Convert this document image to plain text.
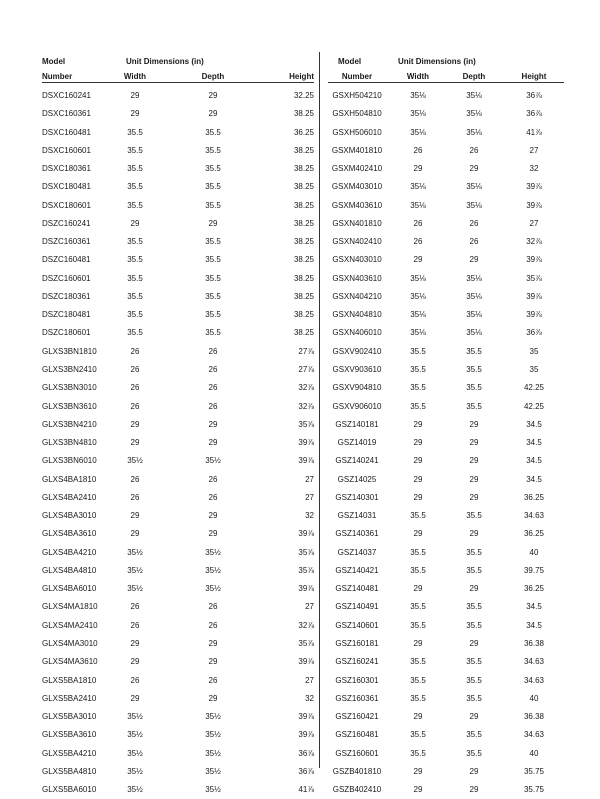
Model	Unit Dimensions (in)
Number	Width	Depth	Height
DSXC160241	29	29	32.25
DSXC160361	29	29	38.25
DSXC160481	35.5	35.5	36.25
DSXC160601	35.5	35.5	38.25
DSXC180361	35.5	35.5	38.25
DSXC180481	35.5	35.5	38.25
DSXC180601	35.5	35.5	38.25
DSZC160241	29	29	38.25
DSZC160361	35.5	35.5	38.25
DSZC160481	35.5	35.5	38.25
DSZC160601	35.5	35.5	38.25
DSZC180361	35.5	35.5	38.25
DSZC180481	35.5	35.5	38.25
DSZC180601	35.5	35.5	38.25
GLXS3BN1810	26	26	27⅞
GLXS3BN2410	26	26	27⅞
GLXS3BN3010	26	26	32⅞
GLXS3BN3610	26	26	32⅞
GLXS3BN4210	29	29	35⅞
GLXS3BN4810	29	29	39⅞
GLXS3BN6010	35½	35½	39⅞
GLXS4BA1810	26	26	27
GLXS4BA2410	26	26	27
GLXS4BA3010	29	29	32
GLXS4BA3610	29	29	39⅞
GLXS4BA4210	35½	35½	35⅞
GLXS4BA4810	35½	35½	35⅞
GLXS4BA6010	35½	35½	39⅞
GLXS4MA1810	26	26	27
GLXS4MA2410	26	26	32⅞
GLXS4MA3010	29	29	35⅞
GLXS4MA3610	29	29	39⅞
GLXS5BA1810	26	26	27
GLXS5BA2410	29	29	32
GLXS5BA3010	35½	35½	39⅞
GLXS5BA3610	35½	35½	39⅞
GLXS5BA4210	35½	35½	36⅞
GLXS5BA4810	35½	35½	36⅞
GLXS5BA6010	35½	35½	41⅞
Model	Unit Dimensions (in)
Number	Width	Depth	Height
GSXH504210	35⅛	35⅛	36⅞
GSXH504810	35⅛	35⅛	36⅞
GSXH506010	35⅛	35⅛	41⅞
GSXM401810	26	26	27
GSXM402410	29	29	32
GSXM403010	35⅛	35⅛	39⅞
GSXM403610	35⅛	35⅛	39⅞
GSXN401810	26	26	27
GSXN402410	26	26	32⅞
GSXN403010	29	29	39⅞
GSXN403610	35⅛	35⅛	35⅞
GSXN404210	35⅛	35⅛	39⅞
GSXN404810	35⅛	35⅛	39⅞
GSXN406010	35⅛	35⅛	36⅞
GSXV902410	35.5	35.5	35
GSXV903610	35.5	35.5	35
GSXV904810	35.5	35.5	42.25
GSXV906010	35.5	35.5	42.25
GSZ140181	29	29	34.5
GSZ14019	29	29	34.5
GSZ140241	29	29	34.5
GSZ14025	29	29	34.5
GSZ140301	29	29	36.25
GSZ14031	35.5	35.5	34.63
GSZ140361	29	29	36.25
GSZ14037	35.5	35.5	40
GSZ140421	35.5	35.5	39.75
GSZ140481	29	29	36.25
GSZ140491	35.5	35.5	34.5
GSZ140601	35.5	35.5	34.5
GSZ160181	29	29	36.38
GSZ160241	35.5	35.5	34.63
GSZ160301	35.5	35.5	34.63
GSZ160361	35.5	35.5	40
GSZ160421	29	29	36.38
GSZ160481	35.5	35.5	34.63
GSZ160601	35.5	35.5	40
GSZB401810	29	29	35.75
GSZB402410	29	29	35.75
